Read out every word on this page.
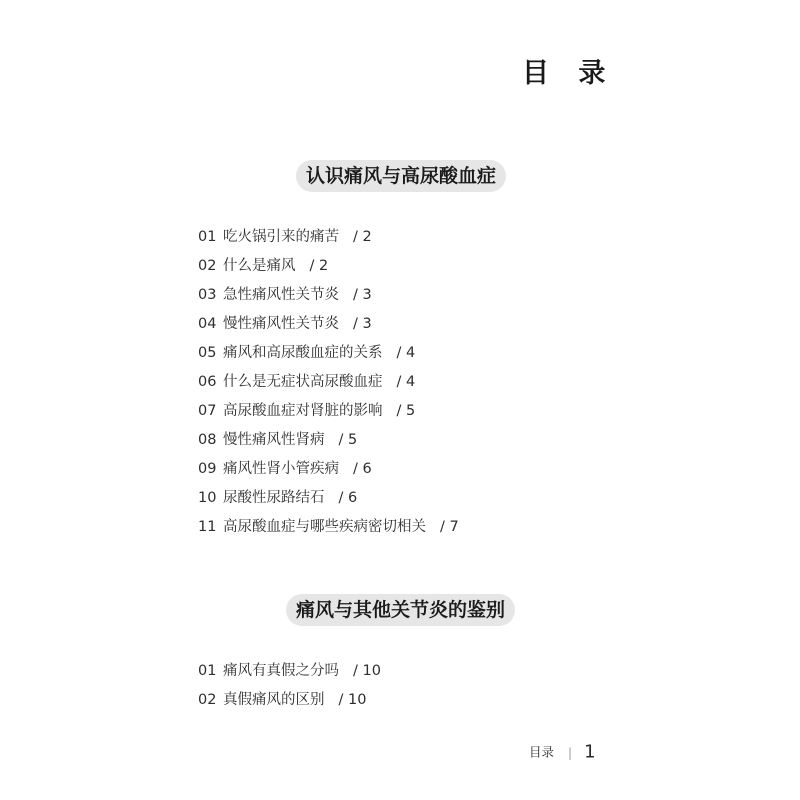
目 录
认识痛风与高尿酸血症
01 吃火锅引来的痛苦 / 2
02 什么是痛风 / 2
03 急性痛风性关节炎 / 3
04 慢性痛风性关节炎 / 3
05 痛风和高尿酸血症的关系 / 4
06 什么是无症状高尿酸血症 / 4
07 高尿酸血症对肾脏的影响 / 5
08 慢性痛风性肾病 / 5
09 痛风性肾小管疾病 / 6
10 尿酸性尿路结石 / 6
11 高尿酸血症与哪些疾病密切相关 / 7
痛风与其他关节炎的鉴别
01 痛风有真假之分吗 / 10
02 真假痛风的区别 / 10
目录 | 1
